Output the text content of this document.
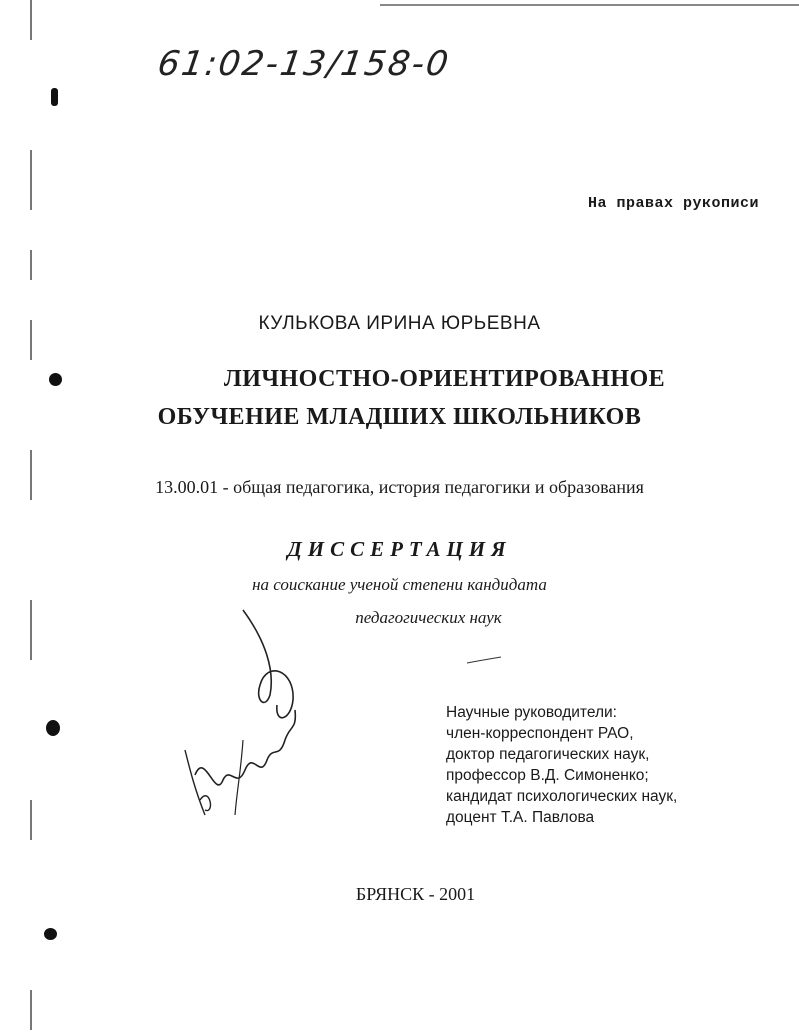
61:02-13/158-0
На правах рукописи
КУЛЬКОВА ИРИНА ЮРЬЕВНА
ЛИЧНОСТНО-ОРИЕНТИРОВАННОЕ
ОБУЧЕНИЕ МЛАДШИХ ШКОЛЬНИКОВ
13.00.01 - общая педагогика, история педагогики и образования
ДИССЕРТАЦИЯ
на соискание ученой степени кандидата
педагогических наук
Научные руководители:
член-корреспондент РАО,
доктор педагогических наук,
профессор В.Д. Симоненко;
кандидат психологических наук,
доцент Т.А. Павлова
БРЯНСК - 2001
